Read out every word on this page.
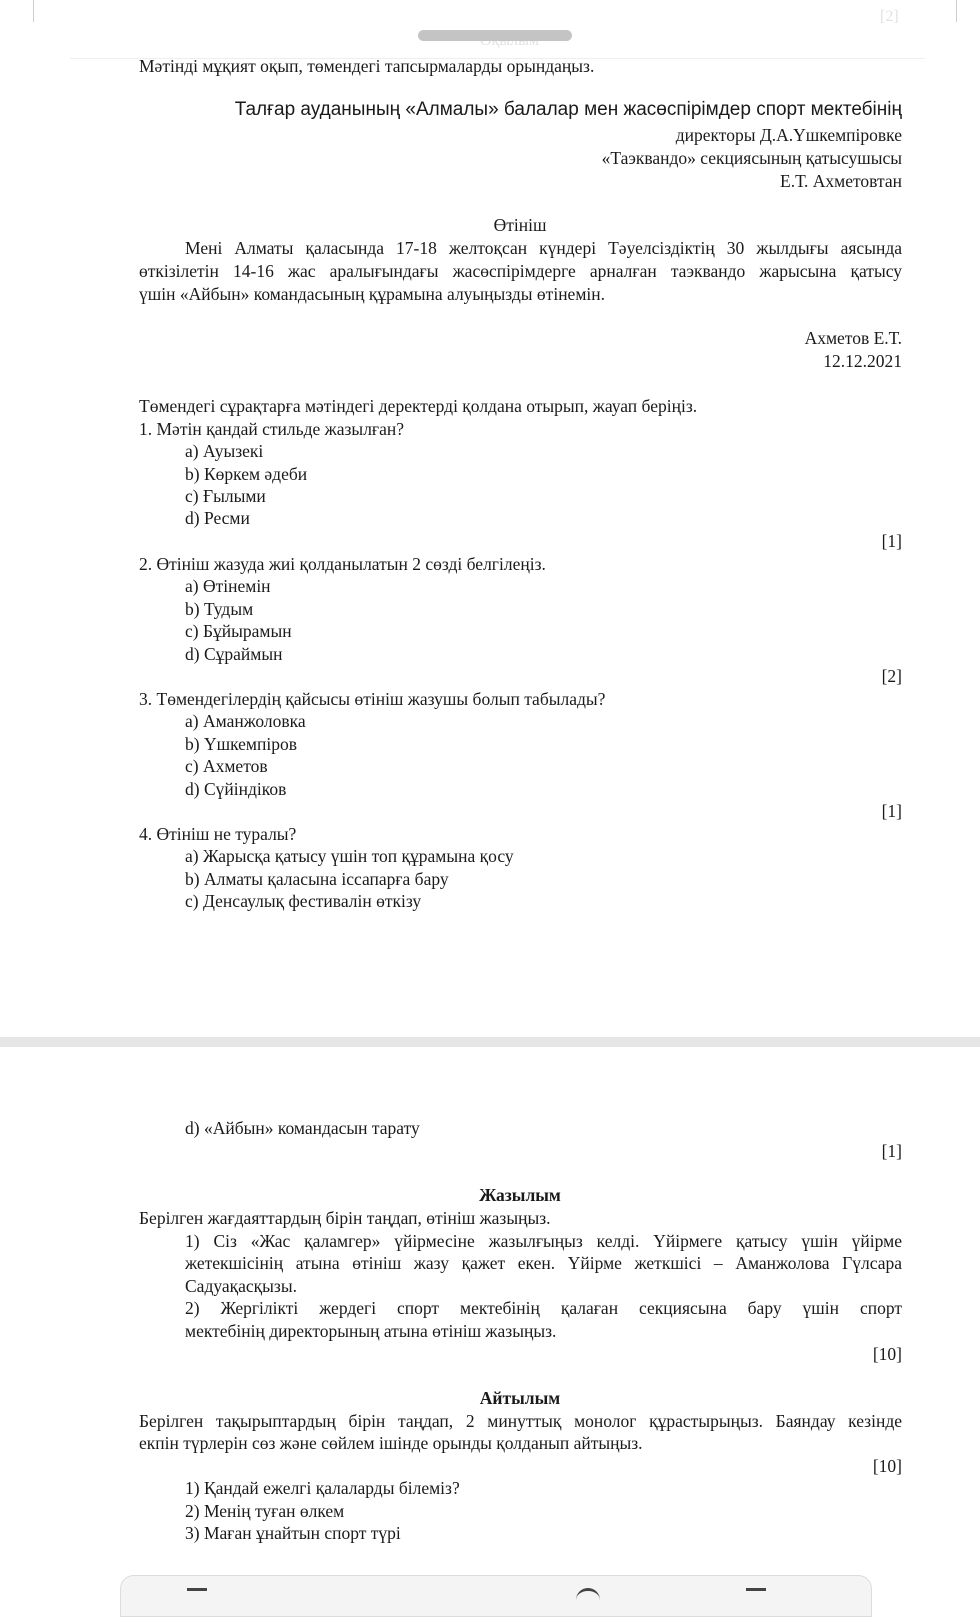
[2]
Мәтінді мұқият оқып, төмендегі тапсырмаларды орындаңыз.
Талғар ауданының «Алмалы» балалар мен жасөспірімдер спорт мектебінің
директоры Д.А.Үшкемпіровке
«Таэквандо» секциясының қатысушысы
Е.Т. Ахметовтан
Өтініш
Мені Алматы қаласында 17-18 желтоқсан күндері Тәуелсіздіктің 30 жылдығы аясында
өткізілетін 14-16 жас аралығындағы жасөспірімдерге арналған таэквандо жарысына қатысу
үшін «Айбын» командасының құрамына алуыңызды өтінемін.
Ахметов Е.Т.
12.12.2021
Төмендегі сұрақтарға мәтіндегі деректерді қолдана отырып, жауап беріңіз.
1. Мәтін қандай стильде жазылған?
a) Ауызекі
b) Көркем әдеби
c) Ғылыми
d) Ресми
[1]
2. Өтініш жазуда жиі қолданылатын 2 сөзді белгілеңіз.
a) Өтінемін
b) Тудым
c) Бұйырамын
d) Сұраймын
[2]
3. Төмендегілердің қайсысы өтініш жазушы болып табылады?
a) Аманжоловка
b) Үшкемпіров
c) Ахметов
d) Сүйіндіков
[1]
4. Өтініш не туралы?
a) Жарысқа қатысу үшін топ құрамына қосу
b) Алматы қаласына іссапарға бару
c) Денсаулық фестивалін өткізу
d) «Айбын» командасын тарату
[1]
Жазылым
Берілген жағдаяттардың бірін таңдап, өтініш жазыңыз.
1) Сіз «Жас қаламгер» үйірмесіне жазылғыңыз келді. Үйірмеге қатысу үшін үйірме
жетекшісінің атына өтініш жазу қажет екен. Үйірме жеткшісі – Аманжолова Гүлсара
Садуақасқызы.
2) Жергілікті жердегі спорт мектебінің қалаған секциясына бару үшін спорт
мектебінің директорының атына өтініш жазыңыз.
[10]
Айтылым
Берілген тақырыптардың бірін таңдап, 2 минуттық монолог құрастырыңыз. Баяндау кезінде
екпін түрлерін сөз және сөйлем ішінде орынды қолданып айтыңыз.
[10]
1) Қандай ежелгі қалаларды білеміз?
2) Менің туған өлкем
3) Маған ұнайтын спорт түрі
